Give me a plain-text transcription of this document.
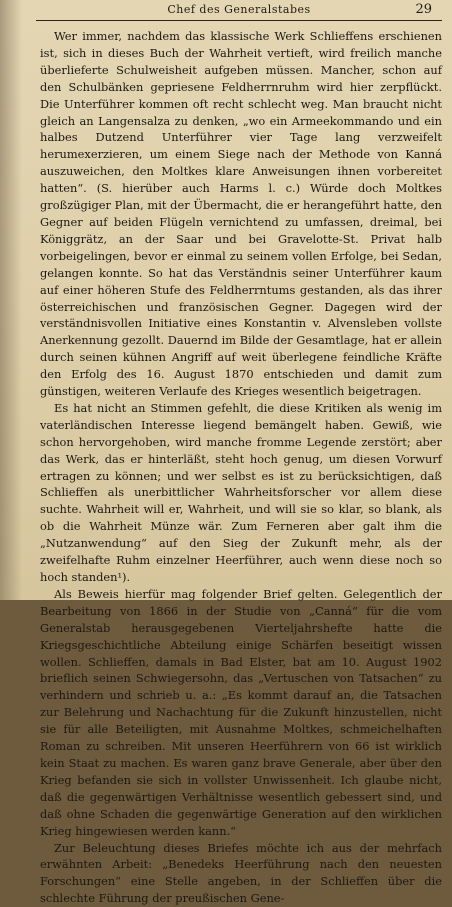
Chef des Generalstabes	29

Wer immer, nachdem das klassische Werk Schlieffens erschienen ist, sich in dieses Buch der Wahrheit vertieft, wird freilich manche überlieferte Schulweisheit aufgeben müssen. Mancher, schon auf den Schulbänken gepriesene Feldherrnruhm wird hier zerpflückt. Die Unterführer kommen oft recht schlecht weg. Man braucht nicht gleich an Langensalza zu denken, „wo ein Armeekommando und ein halbes Dutzend Unterführer vier Tage lang verzweifelt herumexerzieren, um einem Siege nach der Methode von Kanná auszuweichen, den Moltkes klare Anweisungen ihnen vorbereitet hatten“. (S. hierüber auch Harms l. c.) Würde doch Moltkes großzügiger Plan, mit der Übermacht, die er herangeführt hatte, den Gegner auf beiden Flügeln vernichtend zu umfassen, dreimal, bei Königgrätz, an der Saar und bei Gravelotte-St. Privat halb vorbeigelingen, bevor er einmal zu seinem vollen Erfolge, bei Sedan, gelangen konnte. So hat das Verständnis seiner Unterführer kaum auf einer höheren Stufe des Feldherrntums gestanden, als das ihrer österreichischen und französischen Gegner. Dagegen wird der verständnisvollen Initiative eines Konstantin v. Alvensleben vollste Anerkennung gezollt. Dauernd im Bilde der Gesamtlage, hat er allein durch seinen kühnen Angriff auf weit überlegene feindliche Kräfte den Erfolg des 16. August 1870 entschieden und damit zum günstigen, weiteren Verlaufe des Krieges wesentlich beigetragen.

Es hat nicht an Stimmen gefehlt, die diese Kritiken als wenig im vaterländischen Interesse liegend bemängelt haben. Gewiß, wie schon hervorgehoben, wird manche fromme Legende zerstört; aber das Werk, das er hinterläßt, steht hoch genug, um diesen Vorwurf ertragen zu können; und wer selbst es ist zu berücksichtigen, daß Schlieffen als unerbittlicher Wahrheitsforscher vor allem diese suchte. Wahrheit will er, Wahrheit, und will sie so klar, so blank, als ob die Wahrheit Münze wär. Zum Ferneren aber galt ihm die „Nutzanwendung“ auf den Sieg der Zukunft mehr, als der zweifelhafte Ruhm einzelner Heerführer, auch wenn diese noch so hoch standen¹).

Als Beweis hierfür mag folgender Brief gelten. Gelegentlich der Bearbeitung von 1866 in der Studie von „Canná“ für die vom Generalstab herausgegebenen Vierteljahrshefte hatte die Kriegsgeschichtliche Abteilung einige Schärfen beseitigt wissen wollen. Schlieffen, damals in Bad Elster, bat am 10. August 1902 brieflich seinen Schwiegersohn, das „Vertuschen von Tatsachen“ zu verhindern und schrieb u. a.: „Es kommt darauf an, die Tatsachen zur Belehrung und Nachachtung für die Zukunft hinzustellen, nicht sie für alle Beteiligten, mit Ausnahme Moltkes, schmeichelhaften Roman zu schreiben. Mit unseren Heerführern von 66 ist wirklich kein Staat zu machen. Es waren ganz brave Generale, aber über den Krieg befanden sie sich in vollster Unwissenheit. Ich glaube nicht, daß die gegenwärtigen Verhältnisse wesentlich gebessert sind, und daß ohne Schaden die gegenwärtige Generation auf den wirklichen Krieg hingewiesen werden kann.“

Zur Beleuchtung dieses Briefes möchte ich aus der mehrfach erwähnten Arbeit: „Benedeks Heerführung nach den neuesten Forschungen“ eine Stelle angeben, in der Schlieffen über die schlechte Führung der preußischen Gene-
